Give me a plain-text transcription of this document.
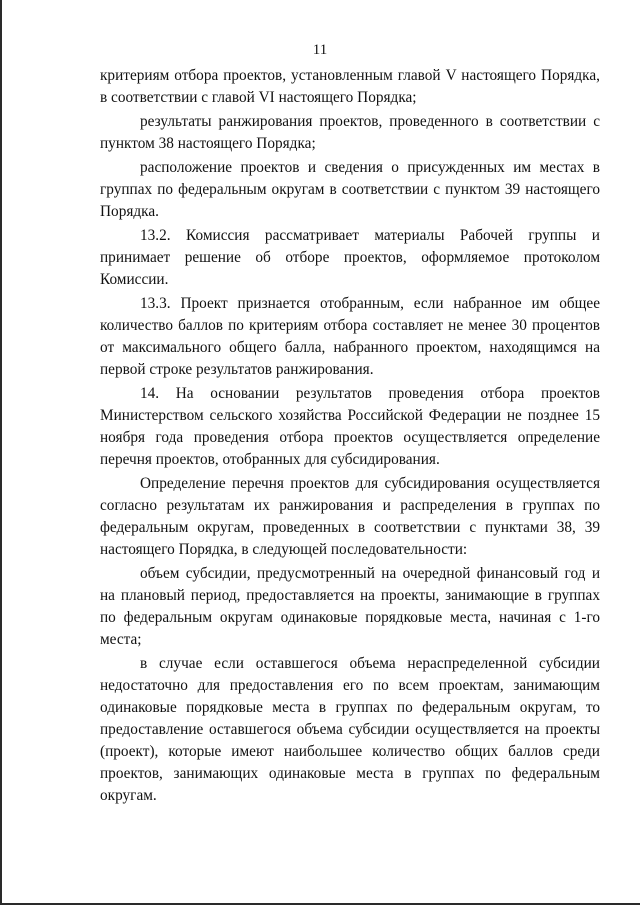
11

критериям отбора проектов, установленным главой V настоящего Порядка, в соответствии с главой VI настоящего Порядка;

результаты ранжирования проектов, проведенного в соответствии с пунктом 38 настоящего Порядка;

расположение проектов и сведения о присужденных им местах в группах по федеральным округам в соответствии с пунктом 39 настоящего Порядка.

13.2. Комиссия рассматривает материалы Рабочей группы и принимает решение об отборе проектов, оформляемое протоколом Комиссии.

13.3. Проект признается отобранным, если набранное им общее количество баллов по критериям отбора составляет не менее 30 процентов от максимального общего балла, набранного проектом, находящимся на первой строке результатов ранжирования.

14. На основании результатов проведения отбора проектов Министерством сельского хозяйства Российской Федерации не позднее 15 ноября года проведения отбора проектов осуществляется определение перечня проектов, отобранных для субсидирования.

Определение перечня проектов для субсидирования осуществляется согласно результатам их ранжирования и распределения в группах по федеральным округам, проведенных в соответствии с пунктами 38, 39 настоящего Порядка, в следующей последовательности:

объем субсидии, предусмотренный на очередной финансовый год и на плановый период, предоставляется на проекты, занимающие в группах по федеральным округам одинаковые порядковые места, начиная с 1-го места;

в случае если оставшегося объема нераспределенной субсидии недостаточно для предоставления его по всем проектам, занимающим одинаковые порядковые места в группах по федеральным округам, то предоставление оставшегося объема субсидии осуществляется на проекты (проект), которые имеют наибольшее количество общих баллов среди проектов, занимающих одинаковые места в группах по федеральным округам.
